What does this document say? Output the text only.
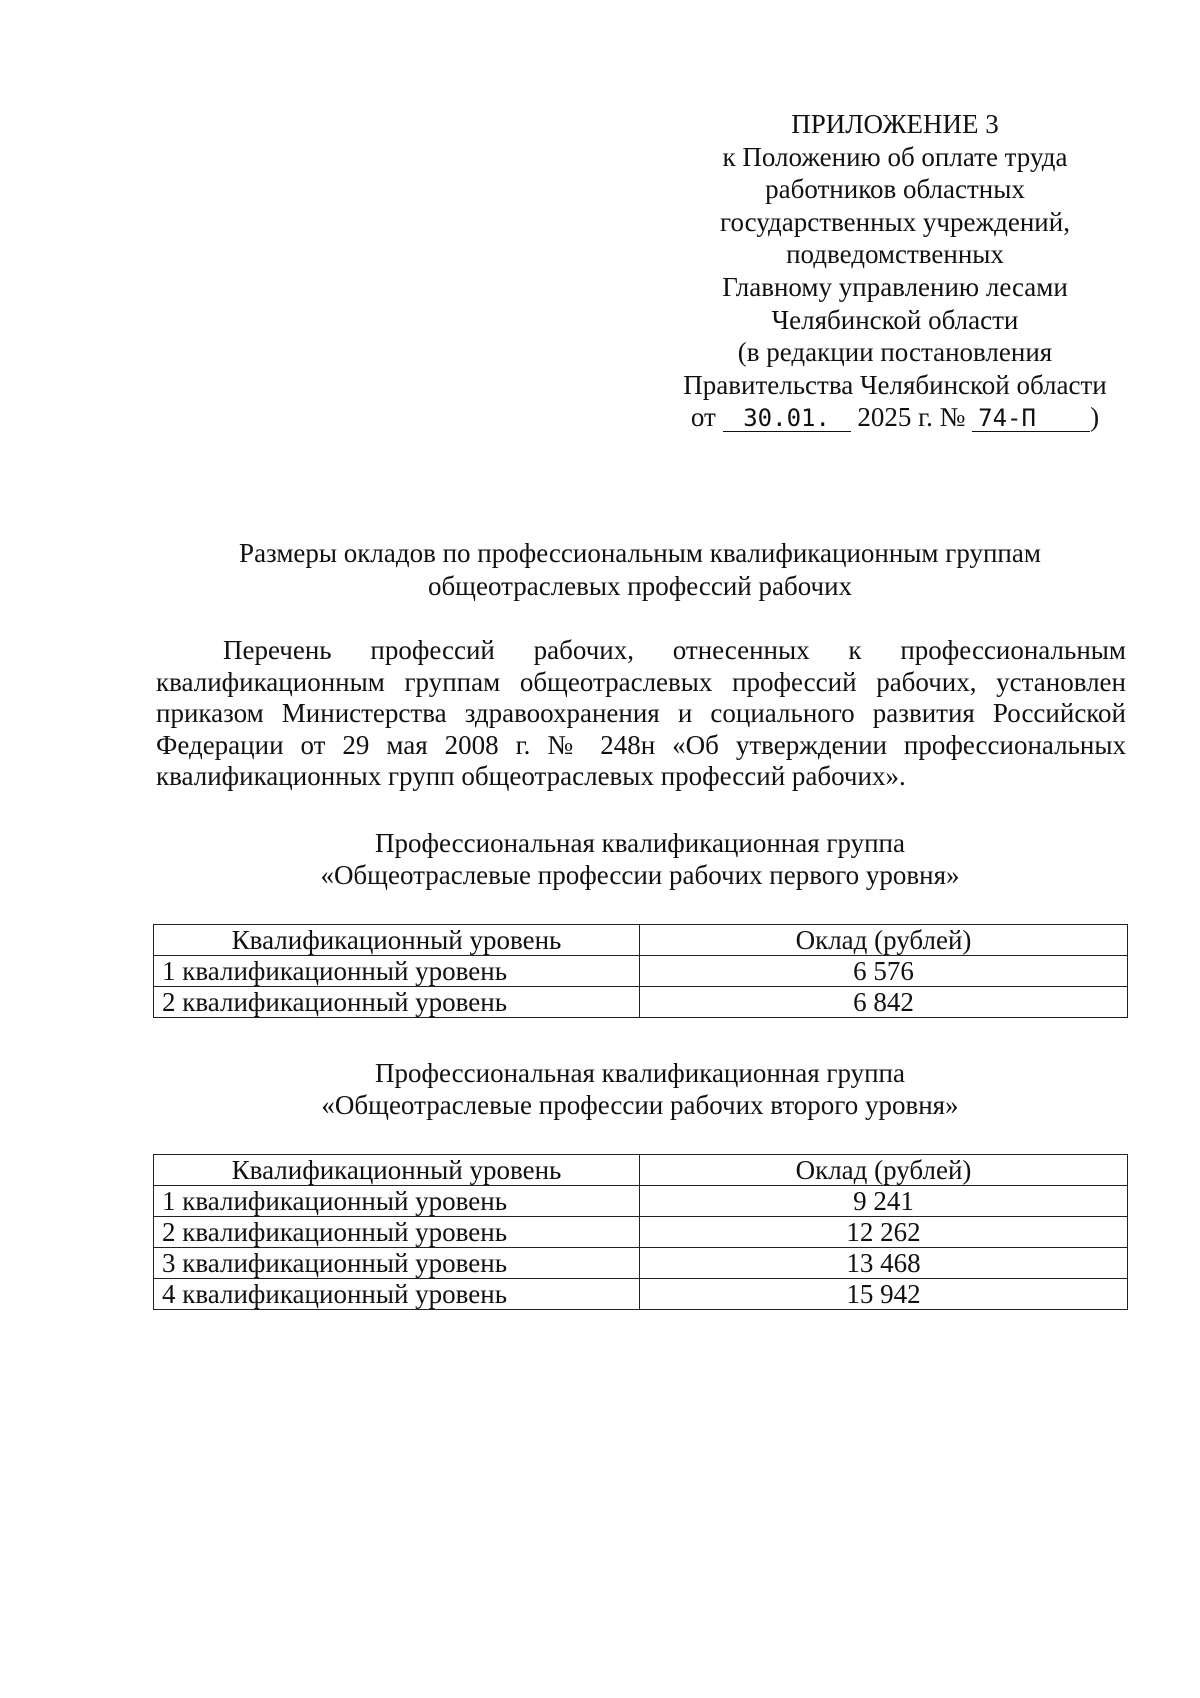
ПРИЛОЖЕНИЕ 3
к Положению об оплате труда
работников областных
государственных учреждений,
подведомственных
Главному управлению лесами
Челябинской области
(в редакции постановления
Правительства Челябинской области
от 30.01. 2025 г. № 74-П )
Размеры окладов по профессиональным квалификационным группам
общеотраслевых профессий рабочих

Перечень профессий рабочих, отнесенных к профессиональным квалификационным группам общеотраслевых профессий рабочих, установлен приказом Министерства здравоохранения и социального развития Российской Федерации от 29 мая 2008 г. № 248н «Об утверждении профессиональных квалификационных групп общеотраслевых профессий рабочих».

Профессиональная квалификационная группа
«Общеотраслевые профессии рабочих первого уровня»
Квалификационный уровень	Оклад (рублей)
1 квалификационный уровень	6 576
2 квалификационный уровень	6 842
Профессиональная квалификационная группа
«Общеотраслевые профессии рабочих второго уровня»
Квалификационный уровень	Оклад (рублей)
1 квалификационный уровень	9 241
2 квалификационный уровень	12 262
3 квалификационный уровень	13 468
4 квалификационный уровень	15 942
